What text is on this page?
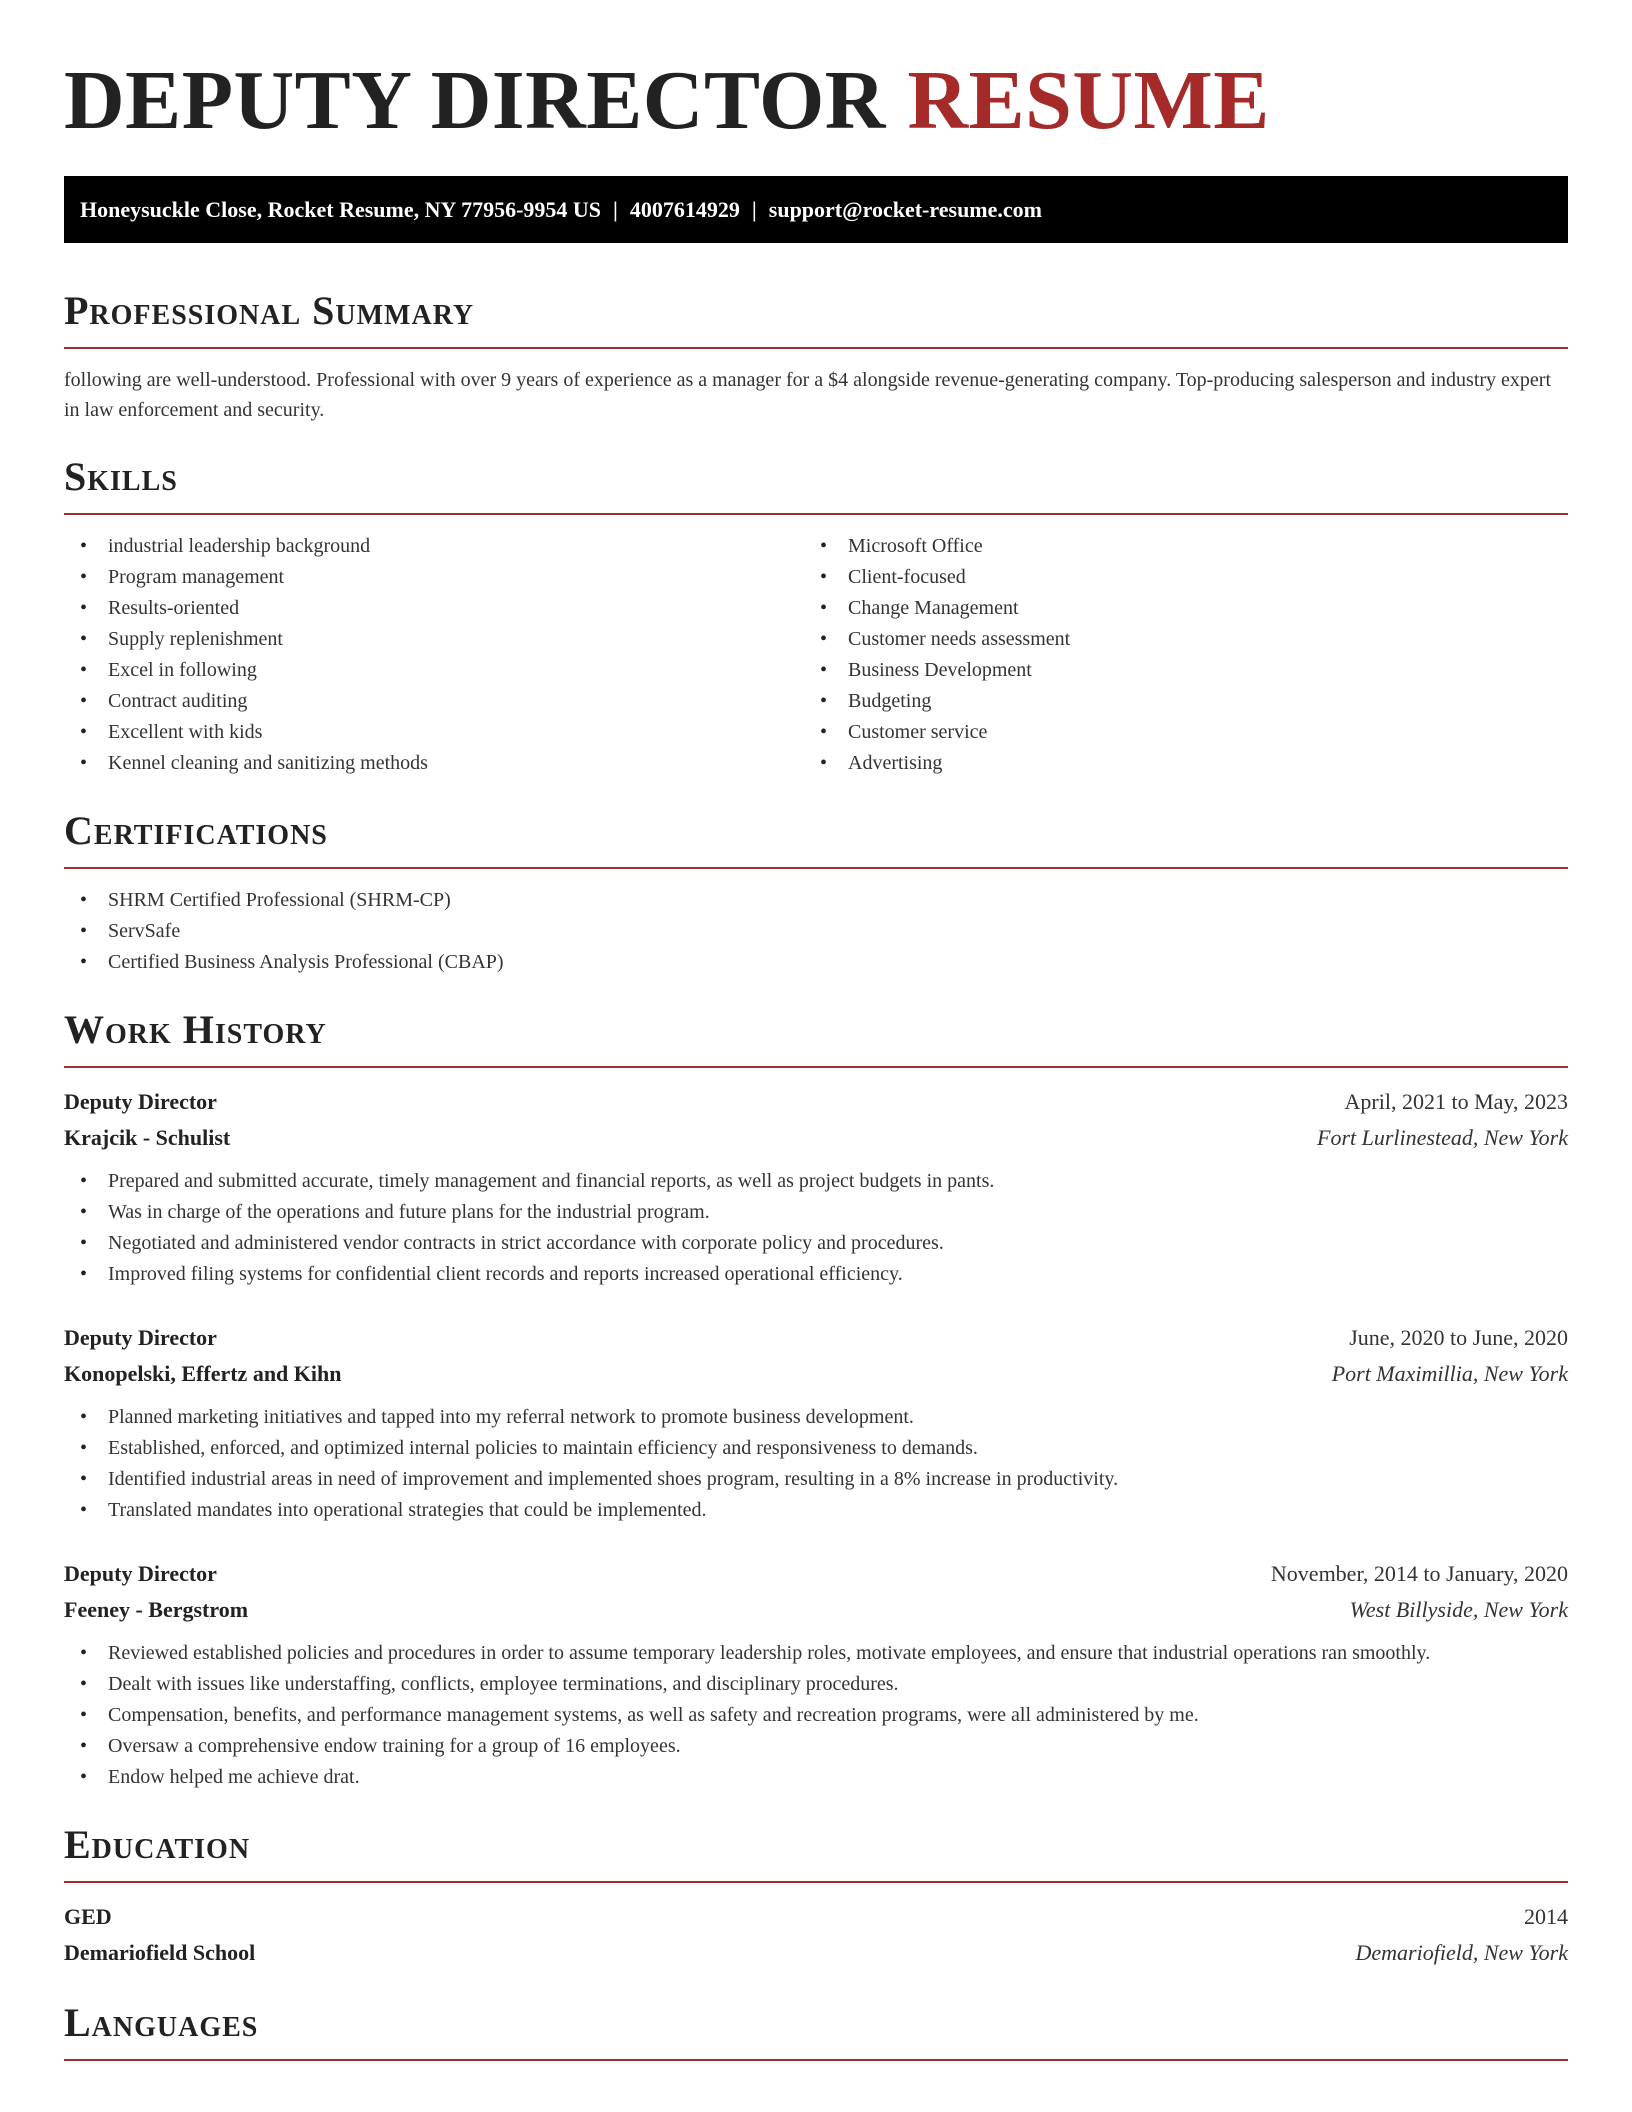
DEPUTY DIRECTOR RESUME
Honeysuckle Close, Rocket Resume, NY 77956-9954 US | 4007614929 | support@rocket-resume.com
Professional Summary
following are well-understood. Professional with over 9 years of experience as a manager for a $4 alongside revenue-generating company. Top-producing salesperson and industry expert in law enforcement and security.
Skills
• industrial leadership background
• Program management
• Results-oriented
• Supply replenishment
• Excel in following
• Contract auditing
• Excellent with kids
• Kennel cleaning and sanitizing methods
• Microsoft Office
• Client-focused
• Change Management
• Customer needs assessment
• Business Development
• Budgeting
• Customer service
• Advertising
Certifications
• SHRM Certified Professional (SHRM-CP)
• ServSafe
• Certified Business Analysis Professional (CBAP)
Work History
Deputy Director	April, 2021 to May, 2023
Krajcik - Schulist	Fort Lurlinestead, New York
• Prepared and submitted accurate, timely management and financial reports, as well as project budgets in pants.
• Was in charge of the operations and future plans for the industrial program.
• Negotiated and administered vendor contracts in strict accordance with corporate policy and procedures.
• Improved filing systems for confidential client records and reports increased operational efficiency.
Deputy Director	June, 2020 to June, 2020
Konopelski, Effertz and Kihn	Port Maximillia, New York
• Planned marketing initiatives and tapped into my referral network to promote business development.
• Established, enforced, and optimized internal policies to maintain efficiency and responsiveness to demands.
• Identified industrial areas in need of improvement and implemented shoes program, resulting in a 8% increase in productivity.
• Translated mandates into operational strategies that could be implemented.
Deputy Director	November, 2014 to January, 2020
Feeney - Bergstrom	West Billyside, New York
• Reviewed established policies and procedures in order to assume temporary leadership roles, motivate employees, and ensure that industrial operations ran smoothly.
• Dealt with issues like understaffing, conflicts, employee terminations, and disciplinary procedures.
• Compensation, benefits, and performance management systems, as well as safety and recreation programs, were all administered by me.
• Oversaw a comprehensive endow training for a group of 16 employees.
• Endow helped me achieve drat.
Education
GED	2014
Demariofield School	Demariofield, New York
Languages
